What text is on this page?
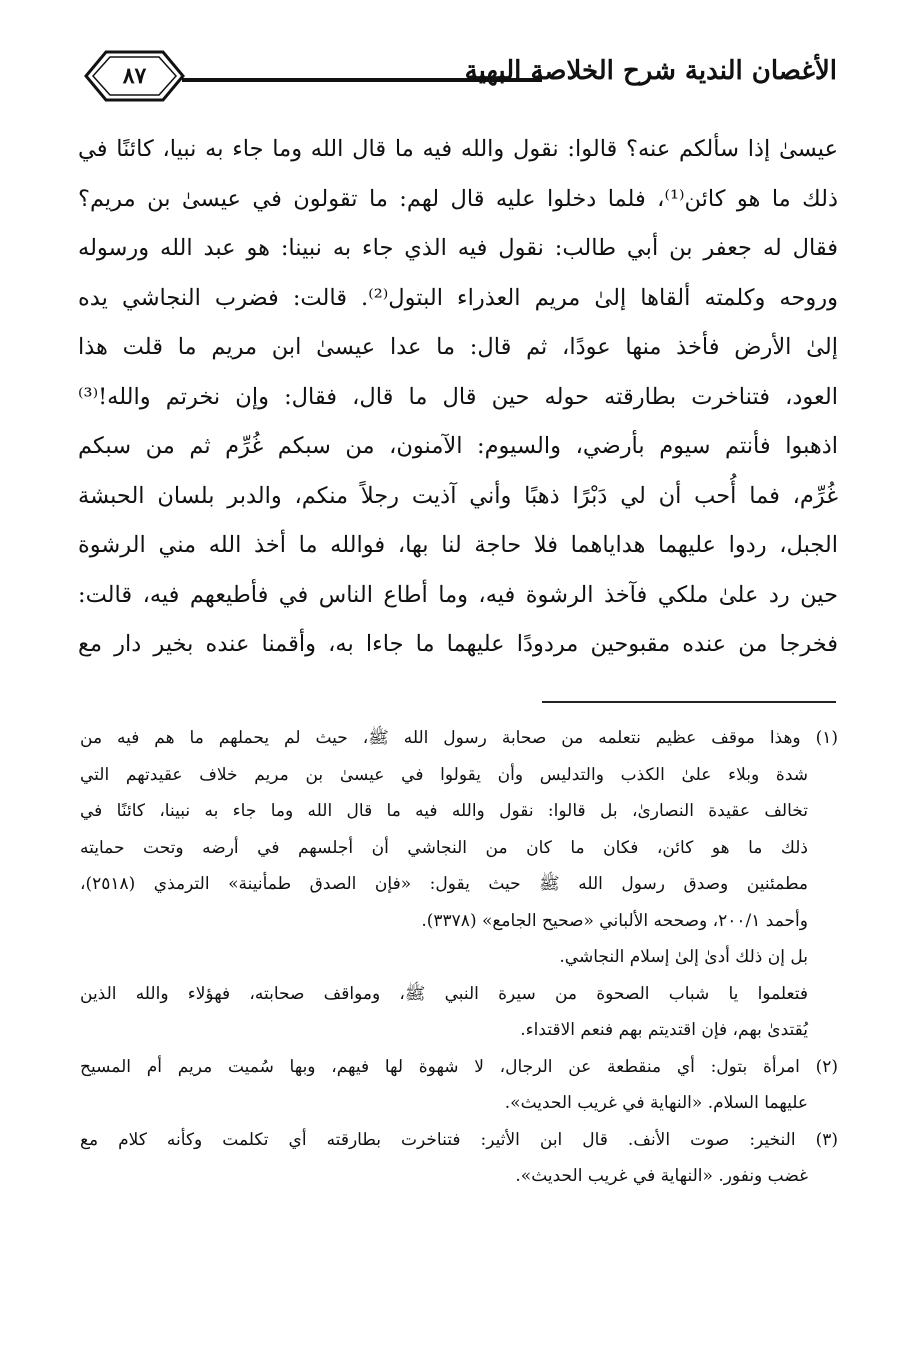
٨٧	الأغصان الندية شرح الخلاصة البهية
عيسىٰ إذا سألكم عنه؟ قالوا: نقول والله فيه ما قال الله وما جاء به نبيا، كائنًا في
ذلك ما هو كائن⁽¹⁾، فلما دخلوا عليه قال لهم: ما تقولون في عيسىٰ بن مريم؟
فقال له جعفر بن أبي طالب: نقول فيه الذي جاء به نبينا: هو عبد الله ورسوله
وروحه وكلمته ألقاها إلىٰ مريم العذراء البتول⁽²⁾. قالت: فضرب النجاشي يده
إلىٰ الأرض فأخذ منها عودًا، ثم قال: ما عدا عيسىٰ ابن مريم ما قلت هذا
العود، فتناخرت بطارقته حوله حين قال ما قال، فقال: وإن نخرتم والله!⁽³⁾
اذهبوا فأنتم سيوم بأرضي، والسيوم: الآمنون، من سبكم غُرِّم ثم من سبكم
غُرِّم، فما أُحب أن لي دَبْرًا ذهبًا وأني آذيت رجلاً منكم، والدبر بلسان الحبشة
الجبل، ردوا عليهما هداياهما فلا حاجة لنا بها، فوالله ما أخذ الله مني الرشوة
حين رد علىٰ ملكي فآخذ الرشوة فيه، وما أطاع الناس في فأطيعهم فيه، قالت:
فخرجا من عنده مقبوحين مردودًا عليهما ما جاءا به، وأقمنا عنده بخير دار مع
(١) وهذا موقف عظيم نتعلمه من صحابة رسول الله ﷺ، حيث لم يحملهم ما هم فيه من
شدة وبلاء علىٰ الكذب والتدليس وأن يقولوا في عيسىٰ بن مريم خلاف عقيدتهم التي
تخالف عقيدة النصارىٰ، بل قالوا: نقول والله فيه ما قال الله وما جاء به نبينا، كائنًا في
ذلك ما هو كائن، فكان ما كان من النجاشي أن أجلسهم في أرضه وتحت حمايته
مطمئنين وصدق رسول الله ﷺ حيث يقول: «فإن الصدق طمأنينة» الترمذي (٢٥١٨)،
وأحمد ٢٠٠/١، وصححه الألباني «صحيح الجامع» (٣٣٧٨).
بل إن ذلك أدىٰ إلىٰ إسلام النجاشي.
فتعلموا يا شباب الصحوة من سيرة النبي ﷺ، ومواقف صحابته، فهؤلاء والله الذين
يُقتدىٰ بهم، فإن اقتديتم بهم فنعم الاقتداء.
(٢) امرأة بتول: أي منقطعة عن الرجال، لا شهوة لها فيهم، وبها سُميت مريم أم المسيح
عليهما السلام. «النهاية في غريب الحديث».
(٣) النخير: صوت الأنف. قال ابن الأثير: فتناخرت بطارقته أي تكلمت وكأنه كلام مع
غضب ونفور. «النهاية في غريب الحديث».
